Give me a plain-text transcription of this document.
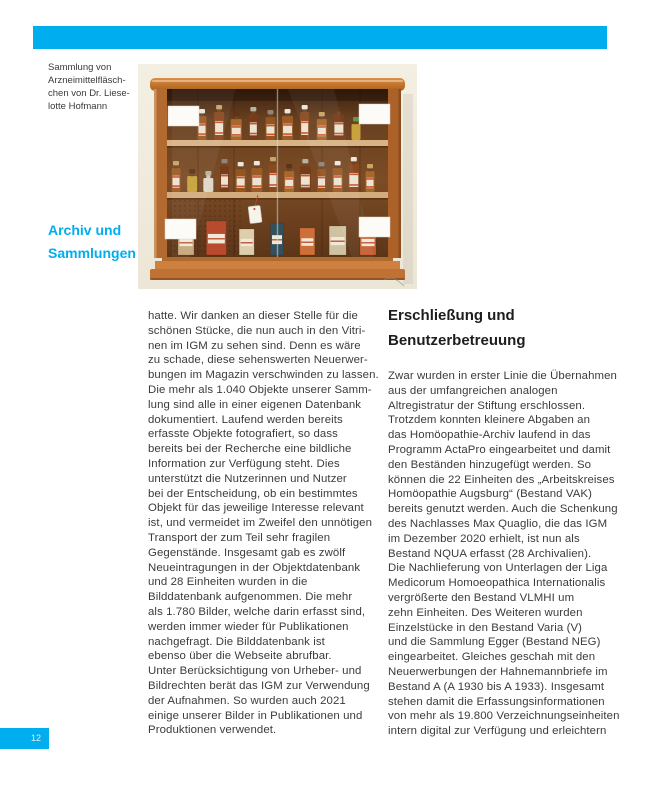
Sammlung von
Arzneimittelfläsch-
chen von Dr. Liese-
lotte Hofmann
Archiv und
Sammlungen
hatte. Wir danken an dieser Stelle für die
schönen Stücke, die nun auch in den Vitri-
nen im IGM zu sehen sind. Denn es wäre
zu schade, diese sehenswerten Neuerwer-
bungen im Magazin verschwinden zu lassen.
Die mehr als 1.040 Objekte unserer Samm-
lung sind alle in einer eigenen Datenbank
dokumentiert. Laufend werden bereits
erfasste Objekte fotografiert, so dass
bereits bei der Recherche eine bildliche
Information zur Verfügung steht. Dies
unterstützt die Nutzerinnen und Nutzer
bei der Entscheidung, ob ein bestimmtes
Objekt für das jeweilige Interesse relevant
ist, und vermeidet im Zweifel den unnötigen
Transport der zum Teil sehr fragilen
Gegenstände. Insgesamt gab es zwölf
Neueintragungen in der Objektdatenbank
und 28 Einheiten wurden in die
Bilddatenbank aufgenommen. Die mehr
als 1.780 Bilder, welche darin erfasst sind,
werden immer wieder für Publikationen
nachgefragt. Die Bilddatenbank ist
ebenso über die Webseite abrufbar.
Unter Berücksichtigung von Urheber- und
Bildrechten berät das IGM zur Verwendung
der Aufnahmen. So wurden auch 2021
einige unserer Bilder in Publikationen und
Produktionen verwendet.
Erschließung und
Benutzerbetreuung
Zwar wurden in erster Linie die Übernahmen
aus der umfangreichen analogen
Altregistratur der Stiftung erschlossen.
Trotzdem konnten kleinere Abgaben an
das Homöopathie-Archiv laufend in das
Programm ActaPro eingearbeitet und damit
den Beständen hinzugefügt werden. So
können die 22 Einheiten des „Arbeitskreises
Homöopathie Augsburg“ (Bestand VAK)
bereits genutzt werden. Auch die Schenkung
des Nachlasses Max Quaglio, die das IGM
im Dezember 2020 erhielt, ist nun als
Bestand NQUA erfasst (28 Archivalien).
Die Nachlieferung von Unterlagen der Liga
Medicorum Homoeopathica Internationalis
vergrößerte den Bestand VLMHI um
zehn Einheiten. Des Weiteren wurden
Einzelstücke in den Bestand Varia (V)
und die Sammlung Egger (Bestand NEG)
eingearbeitet. Gleiches geschah mit den
Neuerwerbungen der Hahnemannbriefe im
Bestand A (A 1930 bis A 1933). Insgesamt
stehen damit die Erfassungsinformationen
von mehr als 19.800 Verzeichnungseinheiten
intern digital zur Verfügung und erleichtern
12
